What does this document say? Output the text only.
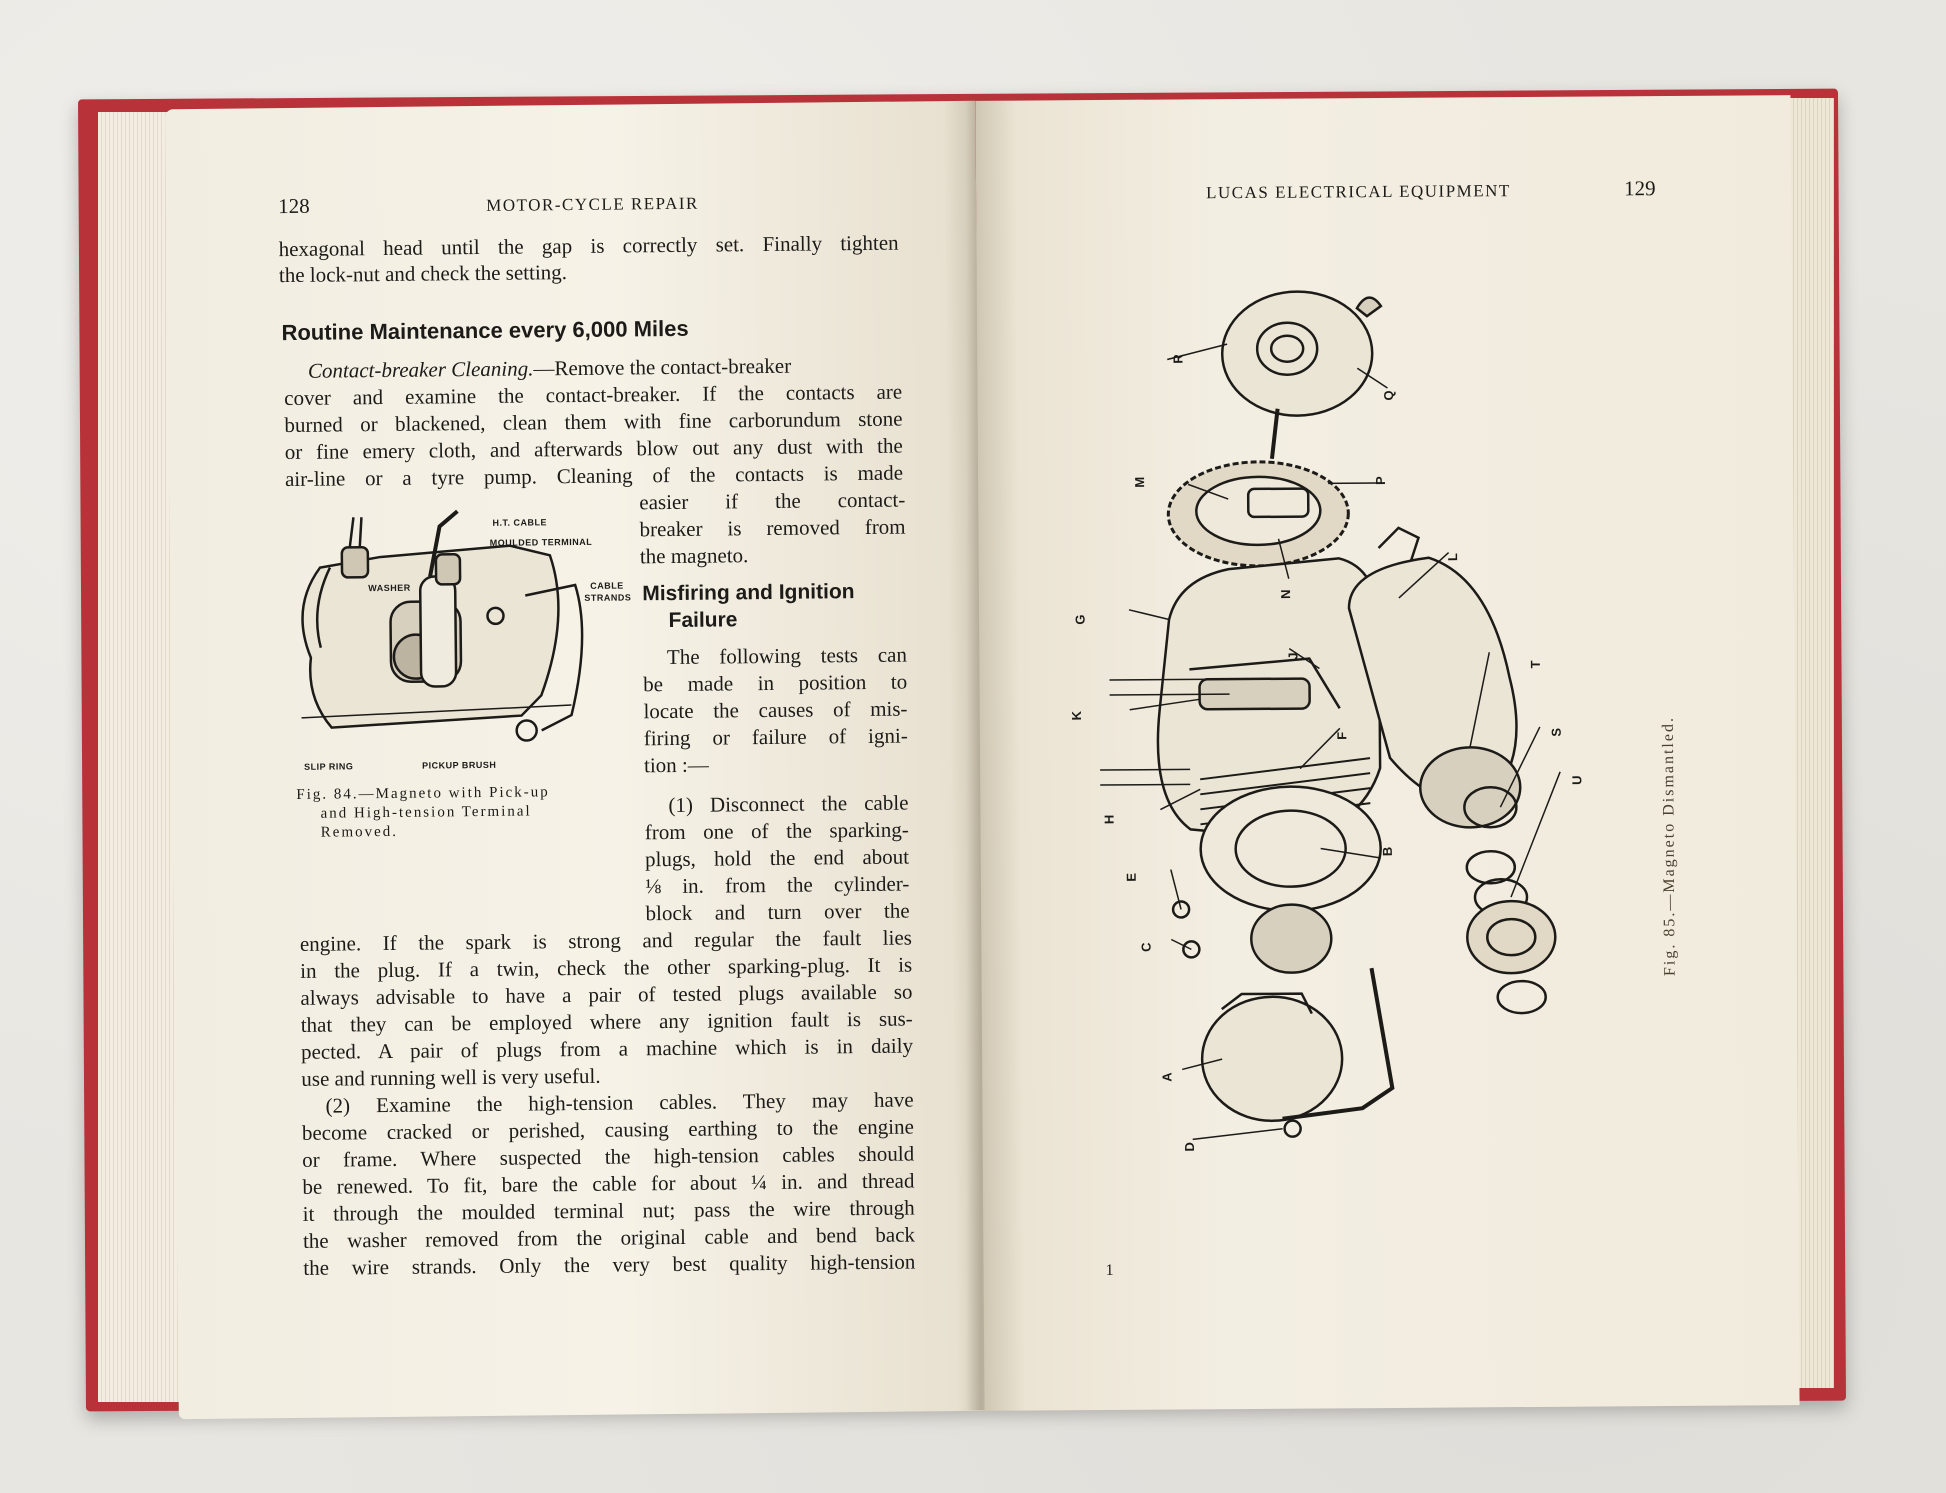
128	MOTOR-CYCLE REPAIR
hexagonal head until the gap is correctly set. Finally tighten
the lock-nut and check the setting.
Routine Maintenance every 6,000 Miles
Contact-breaker Cleaning.—Remove the contact-breaker
cover and examine the contact-breaker. If the contacts are
burned or blackened, clean them with fine carborundum stone
or fine emery cloth, and afterwards blow out any dust with the
air-line or a tyre pump. Cleaning of the contacts is made
easier if the contact-
breaker is removed from
the magneto.
Misfiring and Ignition
Failure
The following tests can
be made in position to
locate the causes of mis-
firing or failure of igni-
tion :—
(1) Disconnect the cable
from one of the sparking-
plugs, hold the end about
⅛ in. from the cylinder-
block and turn over the
H.T. CABLE
MOULDED TERMINAL
WASHER	CABLE
STRANDS
SLIP RING	PICKUP BRUSH
Fig. 84.—Magneto with Pick-up
and High-tension Terminal
Removed.
engine. If the spark is strong and regular the fault lies
in the plug. If a twin, check the other sparking-plug. It is
always advisable to have a pair of tested plugs available so
that they can be employed where any ignition fault is sus-
pected. A pair of plugs from a machine which is in daily
use and running well is very useful.
(2) Examine the high-tension cables. They may have
become cracked or perished, causing earthing to the engine
or frame. Where suspected the high-tension cables should
be renewed. To fit, bare the cable for about ¼ in. and thread
it through the moulded terminal nut; pass the wire through
the washer removed from the original cable and bend back
the wire strands. Only the very best quality high-tension
LUCAS ELECTRICAL EQUIPMENT	129
R
Q
M	P
G
N
L
J
T
K
F	S
U
H
B
E
C
A
D
Fig. 85.—Magneto Dismantled.
1
